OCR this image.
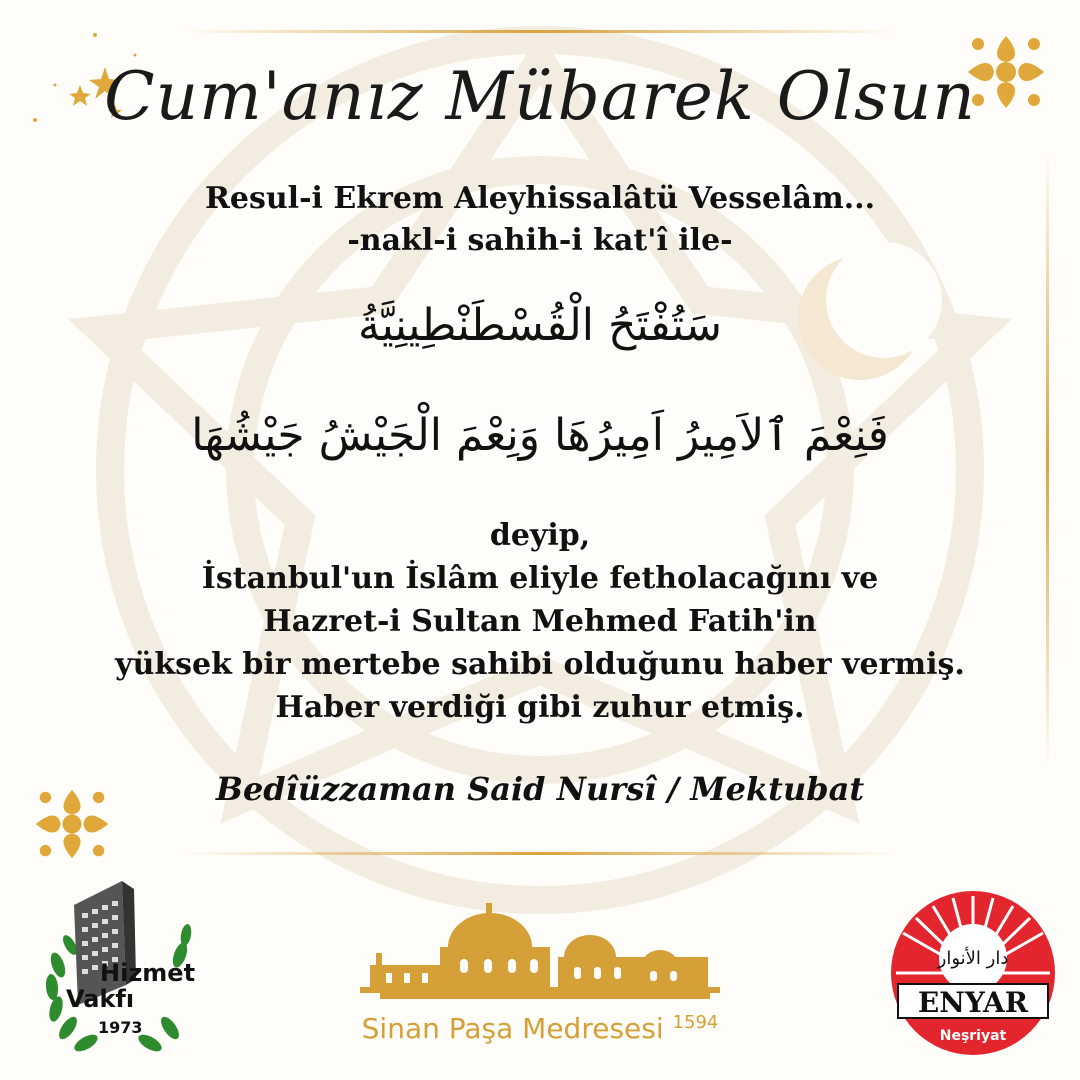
Cum'anız Mübarek Olsun
Resul-i Ekrem Aleyhissalâtü Vesselâm...
-nakl-i sahih-i kat'î ile-
سَتُفْتَحُ الْقُسْطَنْطِينِيَّةُ
فَنِعْمَ ٱلاَمِيرُ اَمِيرُهَا وَنِعْمَ الْجَيْشُ جَيْشُهَا
deyip,
İstanbul'un İslâm eliyle fetholacağını ve
Hazret-i Sultan Mehmed Fatih'in
yüksek bir mertebe sahibi olduğunu haber vermiş.
Haber verdiği gibi zuhur etmiş.
Bedîüzzaman Said Nursî / Mektubat
Hizmet
Vakfı
1973	Sinan Paşa Medresesi $^{1594}$
دار الأنوار
ENYAR
Neşriyat
